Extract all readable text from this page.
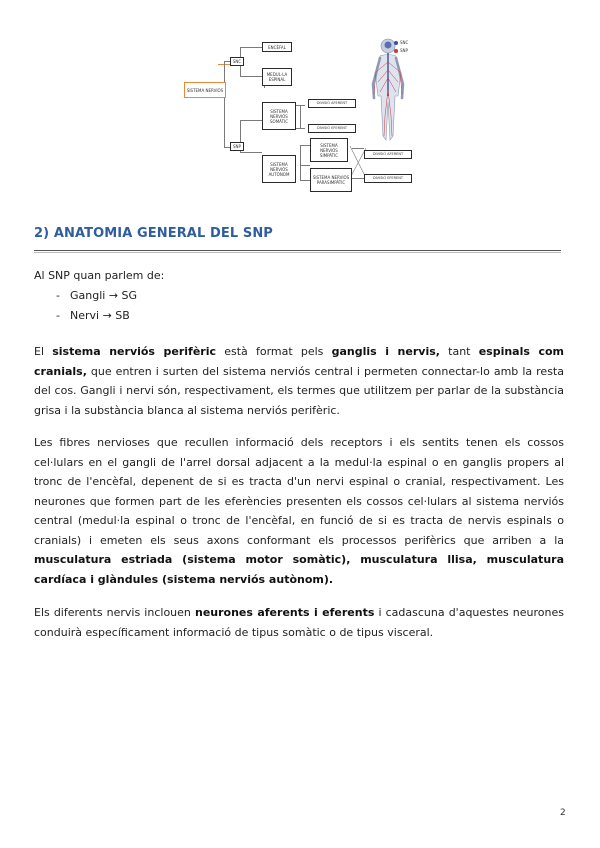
SISTEMA NERVIÓS
SNC
SNP
ENCÈFAL
MEDUL·LA ESPINAL
SISTEMA NERVIÓS SOMÀTIC
SISTEMA NERVIÓS AUTÒNOM
DIVISIÓ AFERENT
DIVISIÓ EFERENT
SISTEMA NERVIÓS SIMPÀTIC
SISTEMA NERVIÓS PARASIMPÀTIC
DIVISIÓ AFERENT
DIVISIÓ EFERENT
SNC
SNP
2) ANATOMIA GENERAL DEL SNP

Al SNP quan parlem de:

- Gangli → SG
- Nervi → SB

El sistema nerviós perifèric està format pels ganglis i nervis, tant espinals com cranials, que entren i surten del sistema nerviós central i permeten connectar-lo amb la resta del cos. Gangli i nervi són, respectivament, els termes que utilitzem per parlar de la substància grisa i la substància blanca al sistema nerviós perifèric.

Les fibres nervioses que recullen informació dels receptors i els sentits tenen els cossos cel·lulars en el gangli de l'arrel dorsal adjacent a la medul·la espinal o en ganglis propers al tronc de l'encèfal, depenent de si es tracta d'un nervi espinal o cranial, respectivament. Les neurones que formen part de les eferències presenten els cossos cel·lulars al sistema nerviós central (medul·la espinal o tronc de l'encèfal, en funció de si es tracta de nervis espinals o cranials) i emeten els seus axons conformant els processos perifèrics que arriben a la musculatura estriada (sistema motor somàtic), musculatura llisa, musculatura cardíaca i glàndules (sistema nerviós autònom).

Els diferents nervis inclouen neurones aferents i eferents i cadascuna d'aquestes neurones conduirà específicament informació de tipus somàtic o de tipus visceral.

2
